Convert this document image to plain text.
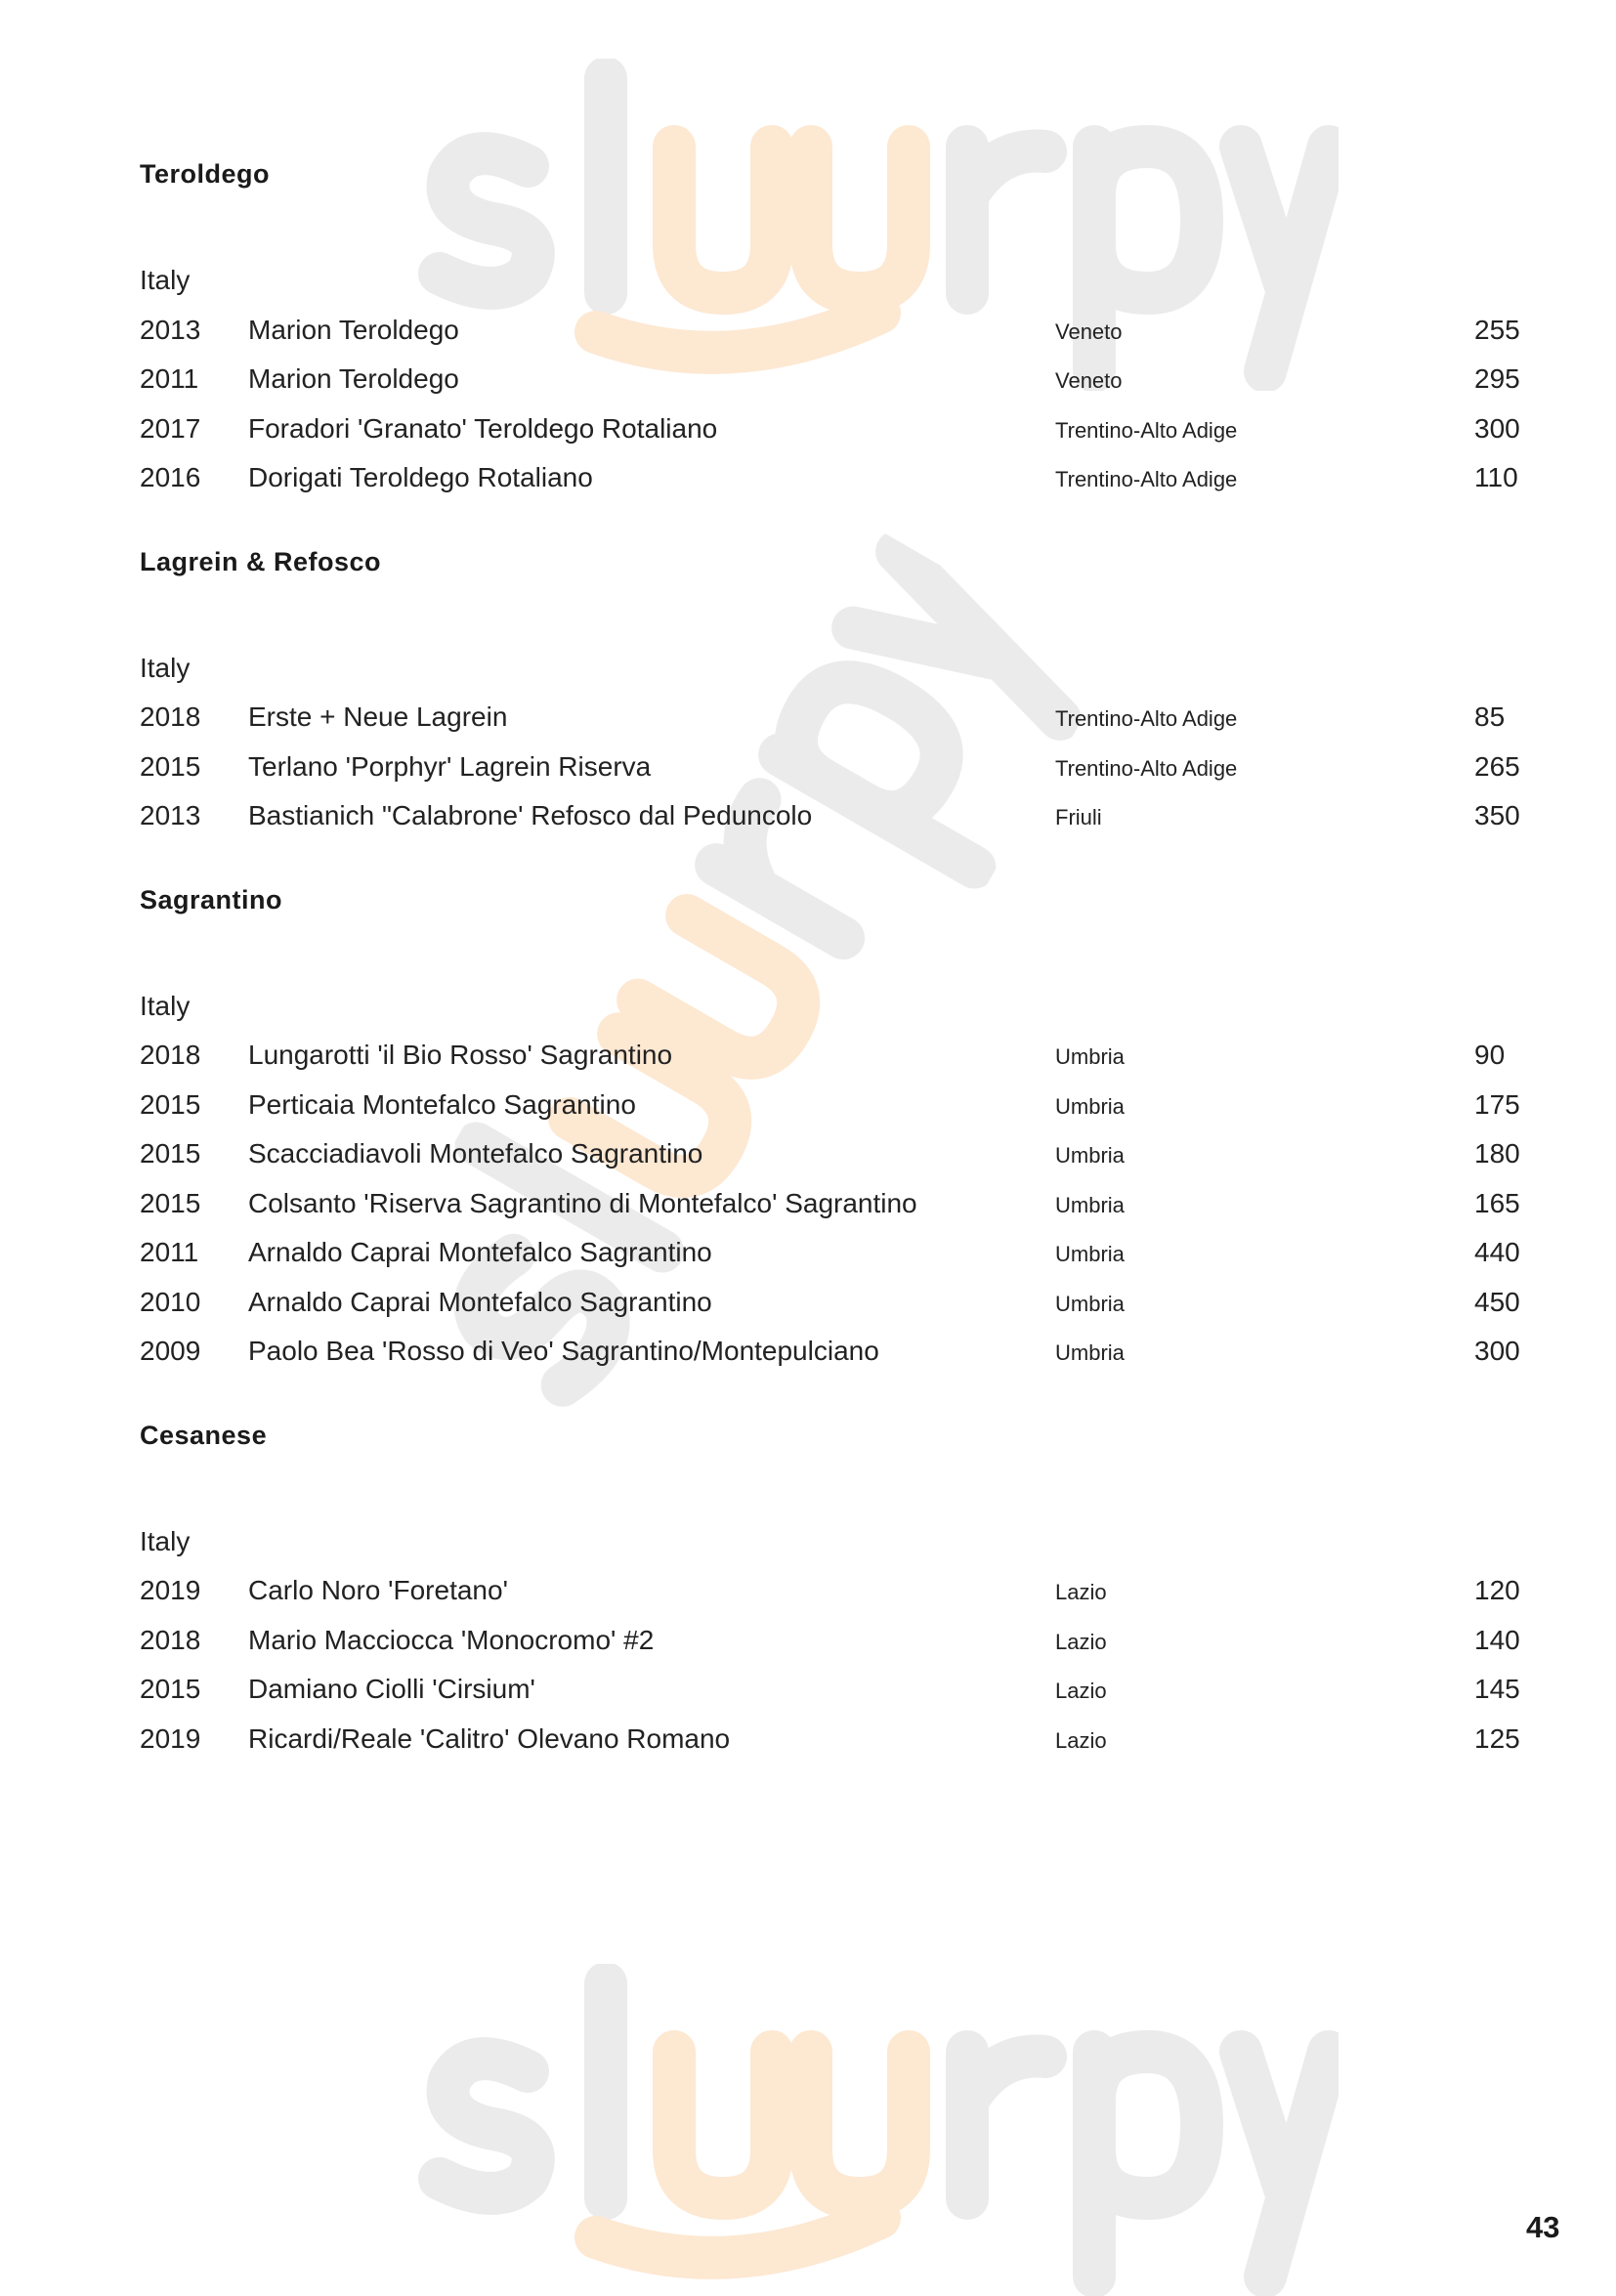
Teroldego
Italy
2013 Marion Teroldego	Veneto	255
2011 Marion Teroldego	Veneto	295
2017 Foradori 'Granato' Teroldego Rotaliano	Trentino-Alto Adige	300
2016 Dorigati Teroldego Rotaliano	Trentino-Alto Adige	110
Lagrein & Refosco
Italy
2018 Erste + Neue Lagrein	Trentino-Alto Adige	85
2015 Terlano 'Porphyr' Lagrein Riserva	Trentino-Alto Adige	265
2013 Bastianich "Calabrone' Refosco dal Peduncolo	Friuli	350
Sagrantino
Italy
2018 Lungarotti 'il Bio Rosso' Sagrantino	Umbria	90
2015 Perticaia Montefalco Sagrantino	Umbria	175
2015 Scacciadiavoli Montefalco Sagrantino	Umbria	180
2015 Colsanto 'Riserva Sagrantino di Montefalco' Sagrantino	Umbria	165
2011 Arnaldo Caprai Montefalco Sagrantino	Umbria	440
2010 Arnaldo Caprai Montefalco Sagrantino	Umbria	450
2009 Paolo Bea 'Rosso di Veo' Sagrantino/Montepulciano	Umbria	300
Cesanese
Italy
2019 Carlo Noro 'Foretano'	Lazio	120
2018 Mario Macciocca 'Monocromo' #2	Lazio	140
2015 Damiano Ciolli 'Cirsium'	Lazio	145
2019 Ricardi/Reale 'Calitro' Olevano Romano	Lazio	125
43
